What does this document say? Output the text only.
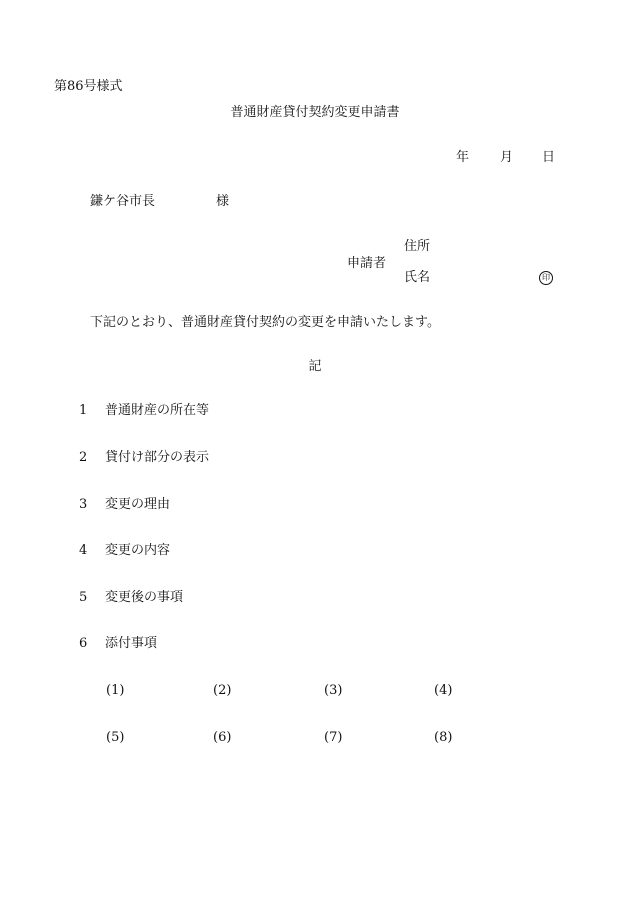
第86号様式
普通財産貸付契約変更申請書
年 月 日
鎌ケ谷市長	様
申請者
住所
氏名	印
下記のとおり、普通財産貸付契約の変更を申請いたします。
記
1 普通財産の所在等
2 貸付け部分の表示
3 変更の理由
4 変更の内容
5 変更後の事項
6 添付事項
(1)	(2)	(3)	(4)
(5)	(6)	(7)	(8)
